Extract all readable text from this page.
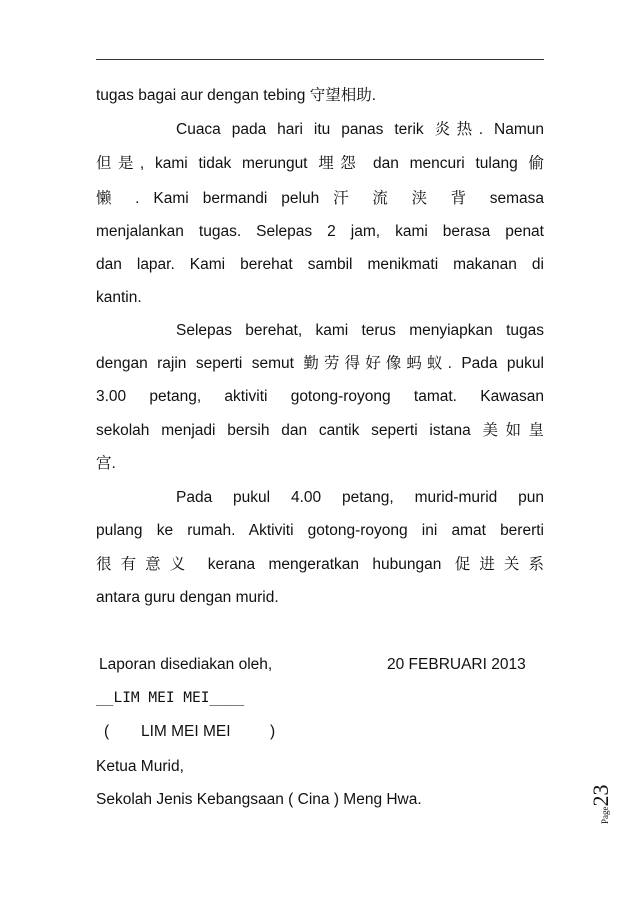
tugas bagai aur dengan tebing 守望相助.
Cuaca pada hari itu panas terik 炎热. Namun
但是, kami tidak merungut 埋怨 dan mencuri tulang 偷
懒 . Kami bermandi peluh 汗 流 浃 背 semasa
menjalankan tugas. Selepas 2 jam, kami berasa penat
dan lapar. Kami berehat sambil menikmati makanan di
kantin.
Selepas berehat, kami terus menyiapkan tugas
dengan rajin seperti semut 勤劳得好像蚂蚁. Pada pukul
3.00 petang, aktiviti gotong-royong tamat. Kawasan
sekolah menjadi bersih dan cantik seperti istana 美如皇
宫.
Pada pukul 4.00 petang, murid-murid pun
pulang ke rumah. Aktiviti gotong-royong ini amat bererti
很有意义 kerana mengeratkan hubungan 促进关系
antara guru dengan murid.
Laporan disediakan oleh,	20 FEBRUARI 2013
__LIM MEI MEI____
( LIM MEI MEI	)
Ketua Murid,
Sekolah Jenis Kebangsaan ( Cina ) Meng Hwa.
Page
23
